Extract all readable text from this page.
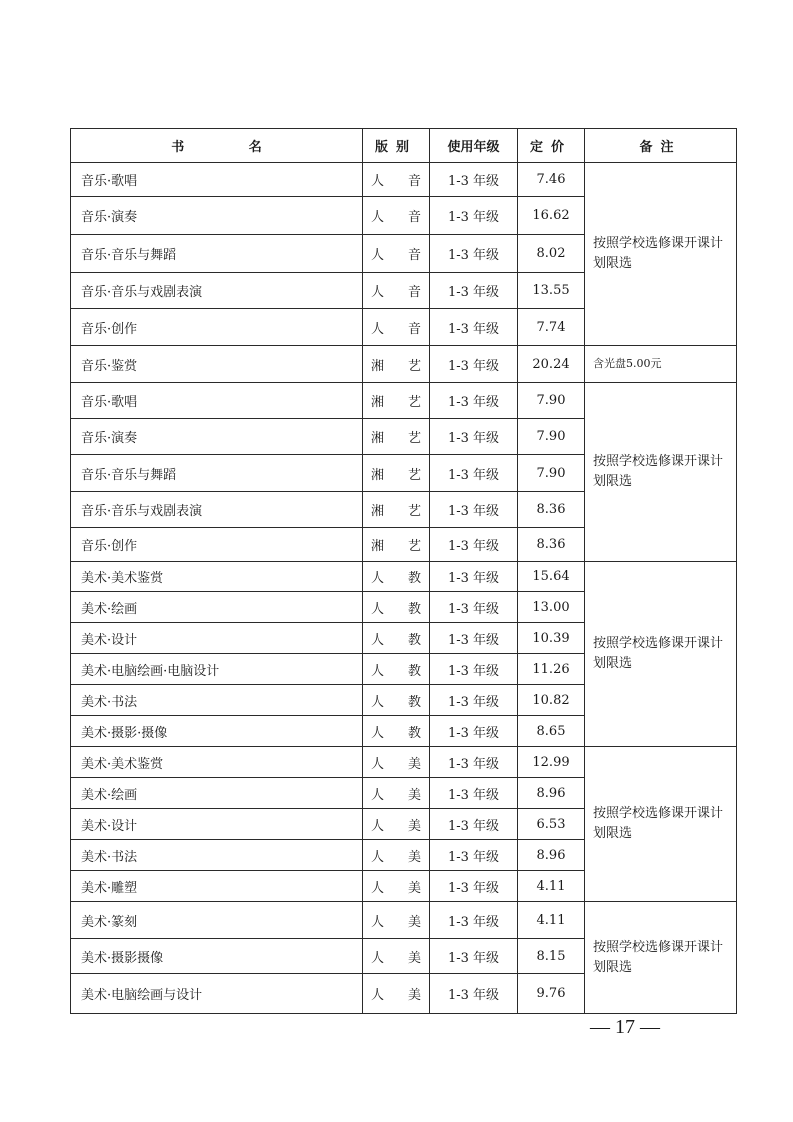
书 名	版别	使用年级	定价	备注
音乐·歌唱	人 音	1-3 年级	7.46	按照学校选修课开课计划限选
音乐·演奏	人 音	1-3 年级	16.62	
音乐·音乐与舞蹈	人 音	1-3 年级	8.02	
音乐·音乐与戏剧表演	人 音	1-3 年级	13.55	
音乐·创作	人 音	1-3 年级	7.74	
音乐·鉴赏	湘 艺	1-3 年级	20.24	含光盘5.00元
音乐·歌唱	湘 艺	1-3 年级	7.90	按照学校选修课开课计划限选
音乐·演奏	湘 艺	1-3 年级	7.90	
音乐·音乐与舞蹈	湘 艺	1-3 年级	7.90	
音乐·音乐与戏剧表演	湘 艺	1-3 年级	8.36	
音乐·创作	湘 艺	1-3 年级	8.36	
美术·美术鉴赏	人 教	1-3 年级	15.64	按照学校选修课开课计划限选
美术·绘画	人 教	1-3 年级	13.00	
美术·设计	人 教	1-3 年级	10.39	
美术·电脑绘画·电脑设计	人 教	1-3 年级	11.26	
美术·书法	人 教	1-3 年级	10.82	
美术·摄影·摄像	人 教	1-3 年级	8.65	
美术·美术鉴赏	人 美	1-3 年级	12.99	按照学校选修课开课计划限选
美术·绘画	人 美	1-3 年级	8.96	
美术·设计	人 美	1-3 年级	6.53	
美术·书法	人 美	1-3 年级	8.96	
美术·雕塑	人 美	1-3 年级	4.11	
美术·篆刻	人 美	1-3 年级	4.11	按照学校选修课开课计划限选
美术·摄影摄像	人 美	1-3 年级	8.15	
美术·电脑绘画与设计	人 美	1-3 年级	9.76	
— 17 —
